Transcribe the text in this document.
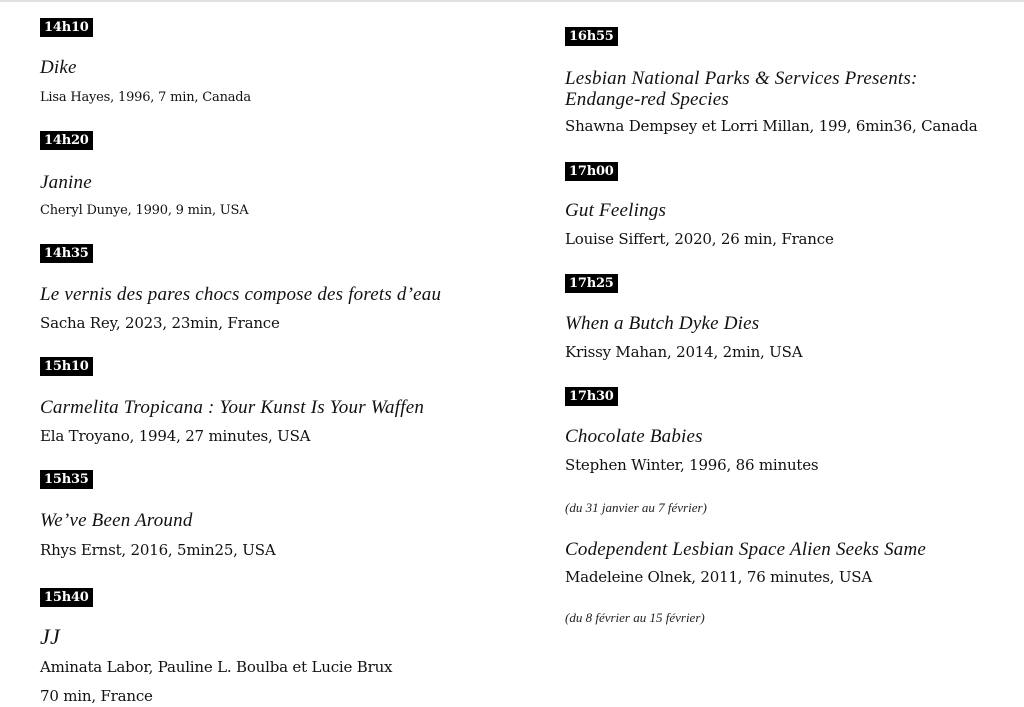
14h10
Dike
Lisa Hayes, 1996, 7 min, Canada
14h20
Janine
Cheryl Dunye, 1990, 9 min, USA
14h35
Le vernis des pares chocs compose des forets d’eau
Sacha Rey, 2023, 23min, France
15h10
Carmelita Tropicana : Your Kunst Is Your Waffen
Ela Troyano, 1994, 27 minutes, USA
15h35
We’ve Been Around
Rhys Ernst, 2016, 5min25, USA
15h40
JJ
Aminata Labor, Pauline L. Boulba et Lucie Brux
70 min, France
16h55
Lesbian National Parks & Services Presents: Endange-red Species
Shawna Dempsey et Lorri Millan, 199, 6min36, Canada
17h00
Gut Feelings
Louise Siffert, 2020, 26 min, France
17h25
When a Butch Dyke Dies
Krissy Mahan, 2014, 2min, USA
17h30
Chocolate Babies
Stephen Winter, 1996, 86 minutes
(du 31 janvier au 7 février)
Codependent Lesbian Space Alien Seeks Same
Madeleine Olnek, 2011, 76 minutes, USA
(du 8 février au 15 février)
